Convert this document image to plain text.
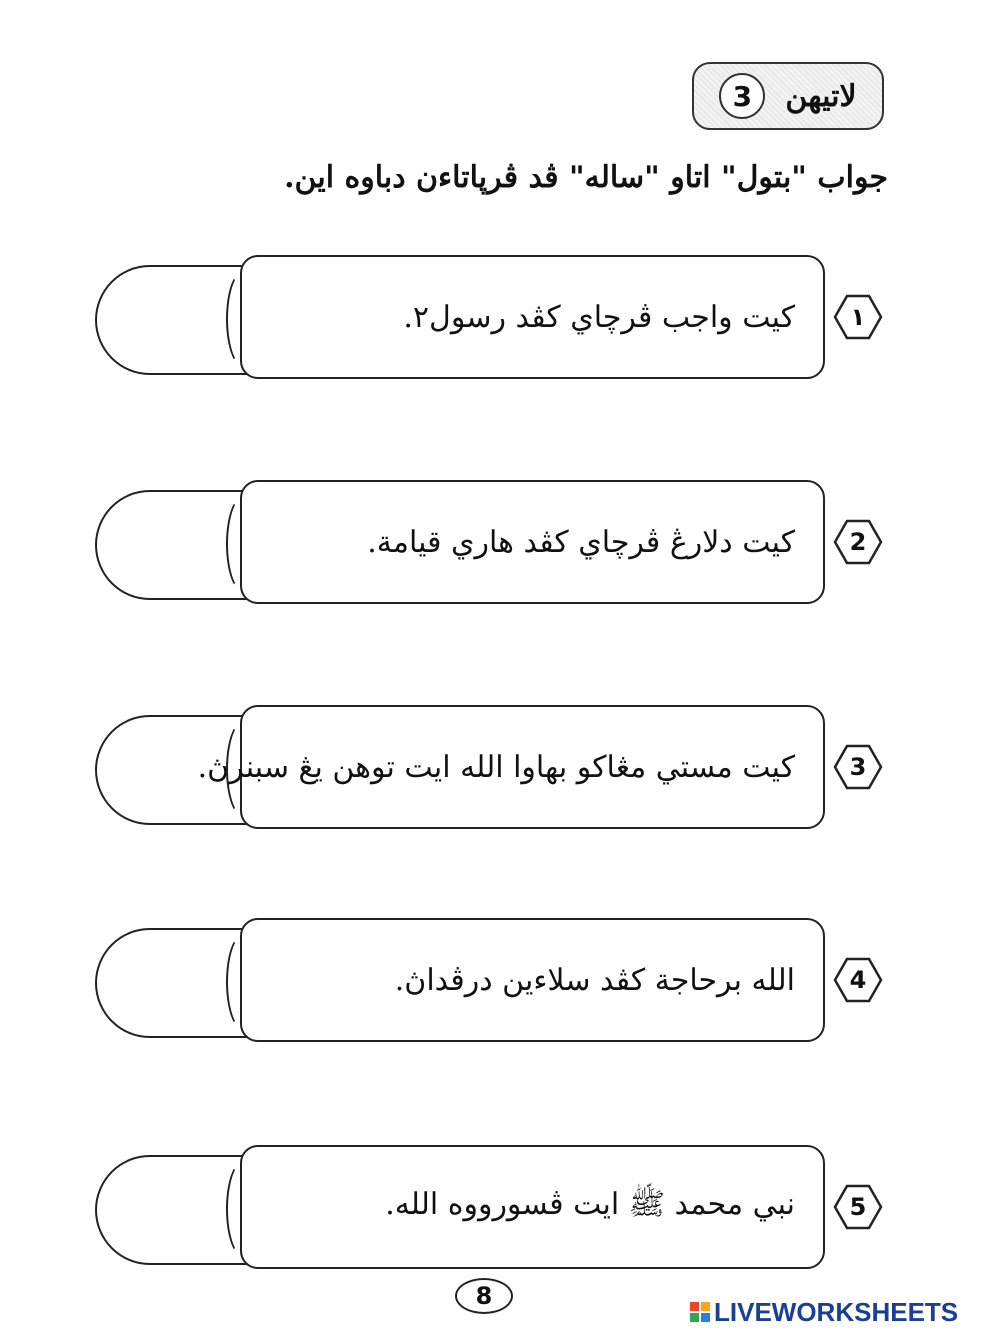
لاتيهن
3
جواب "بتول" اتاو "ساله" ڤد ڤرپاتاءن دباوه اين.
كيت واجب ڤرچاي كڤد رسول٢.	١
كيت دلارڠ ڤرچاي كڤد هاري قيامة.	2
كيت مستي مڠاكو بهاوا الله ايت توهن يڠ سبنرڽ.	3
الله برحاجة كڤد سلاءين درڤداڽ.	4
نبي محمد ﷺ ايت ڤسورووه الله.	5
8
LIVEWORKSHEETS
